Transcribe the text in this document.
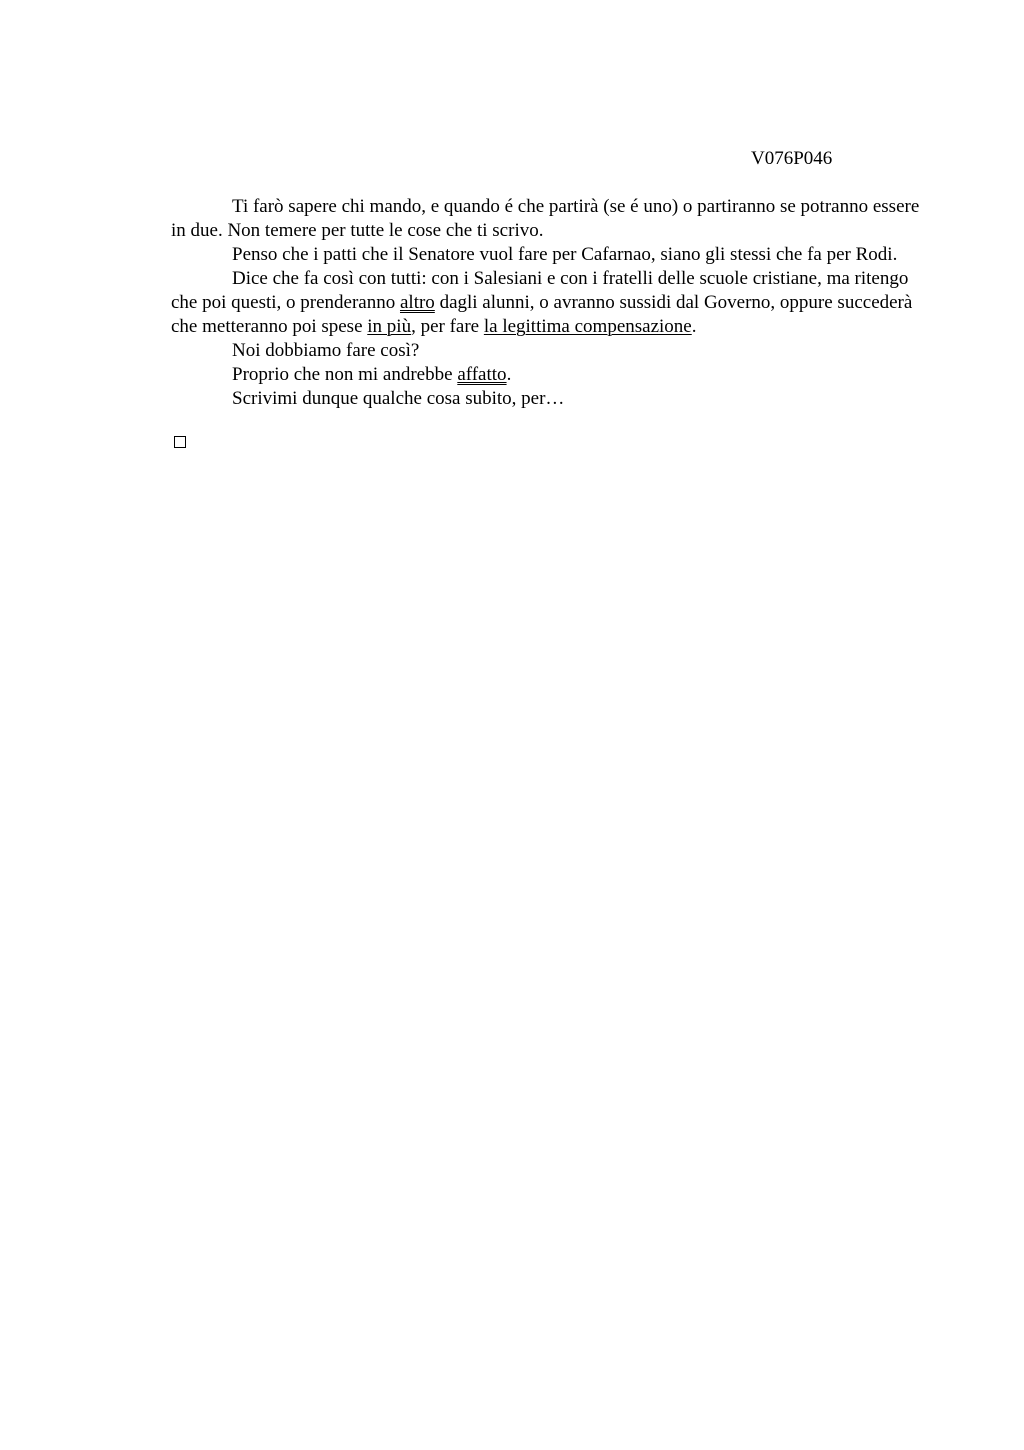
V076P046

Ti farò sapere chi mando, e quando é che partirà (se é uno) o partiranno se potranno essere in due. Non temere per tutte le cose che ti scrivo.

Penso che i patti che il Senatore vuol fare per Cafarnao, siano gli stessi che fa per Rodi.

Dice che fa così con tutti: con i Salesiani e con i fratelli delle scuole cristiane, ma ritengo che poi questi, o prenderanno altro dagli alunni, o avranno sussidi dal Governo, oppure succederà che metteranno poi spese in più, per fare la legittima compensazione.

Noi dobbiamo fare così?

Proprio che non mi andrebbe affatto.

Scrivimi dunque qualche cosa subito, per…
